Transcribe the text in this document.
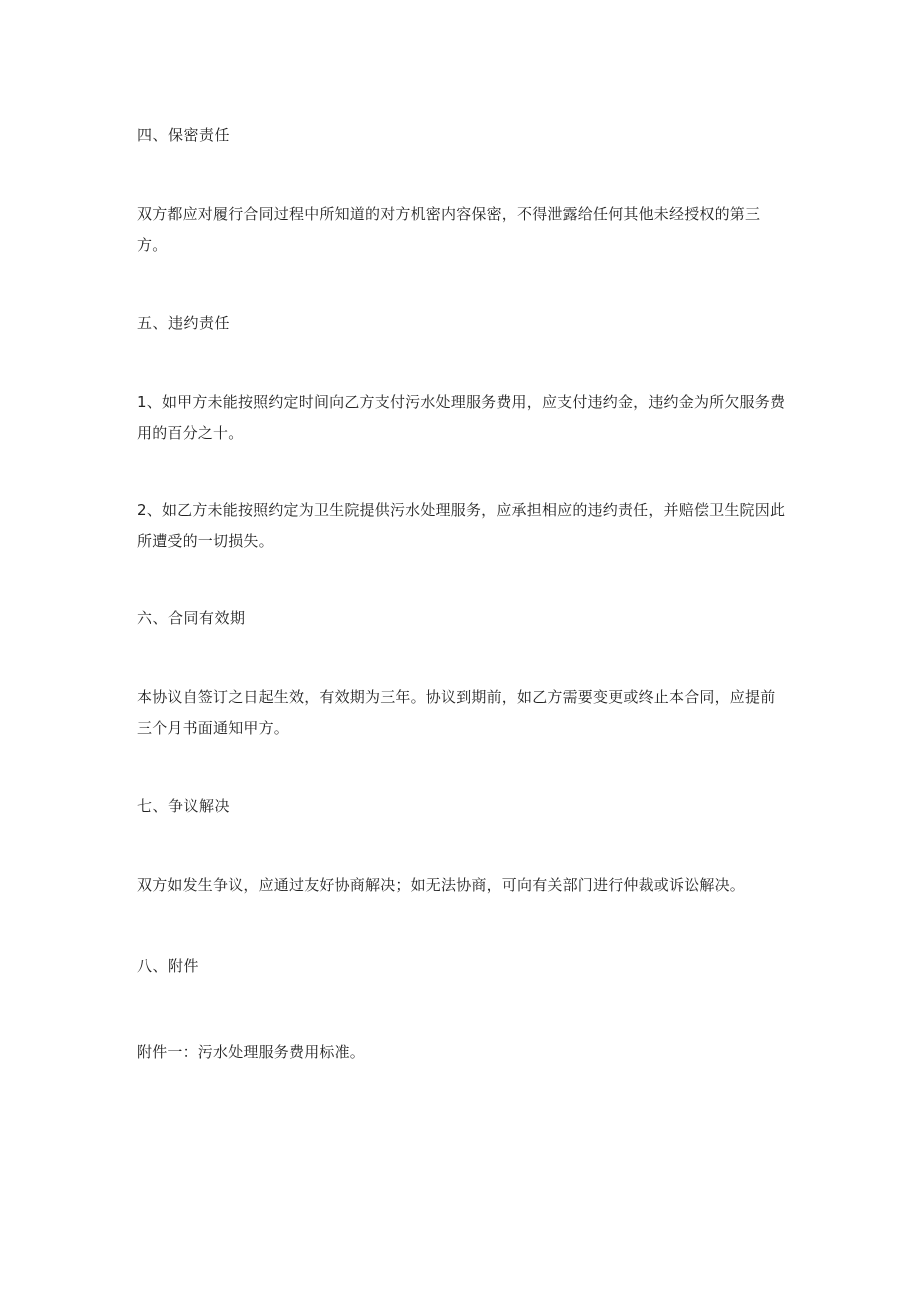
四、保密责任
双方都应对履行合同过程中所知道的对方机密内容保密，不得泄露给任何其他未经授权的第三方。
五、违约责任
1、如甲方未能按照约定时间向乙方支付污水处理服务费用，应支付违约金，违约金为所欠服务费用的百分之十。
2、如乙方未能按照约定为卫生院提供污水处理服务，应承担相应的违约责任，并赔偿卫生院因此所遭受的一切损失。
六、合同有效期
本协议自签订之日起生效，有效期为三年。协议到期前，如乙方需要变更或终止本合同，应提前三个月书面通知甲方。
七、争议解决
双方如发生争议，应通过友好协商解决；如无法协商，可向有关部门进行仲裁或诉讼解决。
八、附件
附件一：污水处理服务费用标准。
